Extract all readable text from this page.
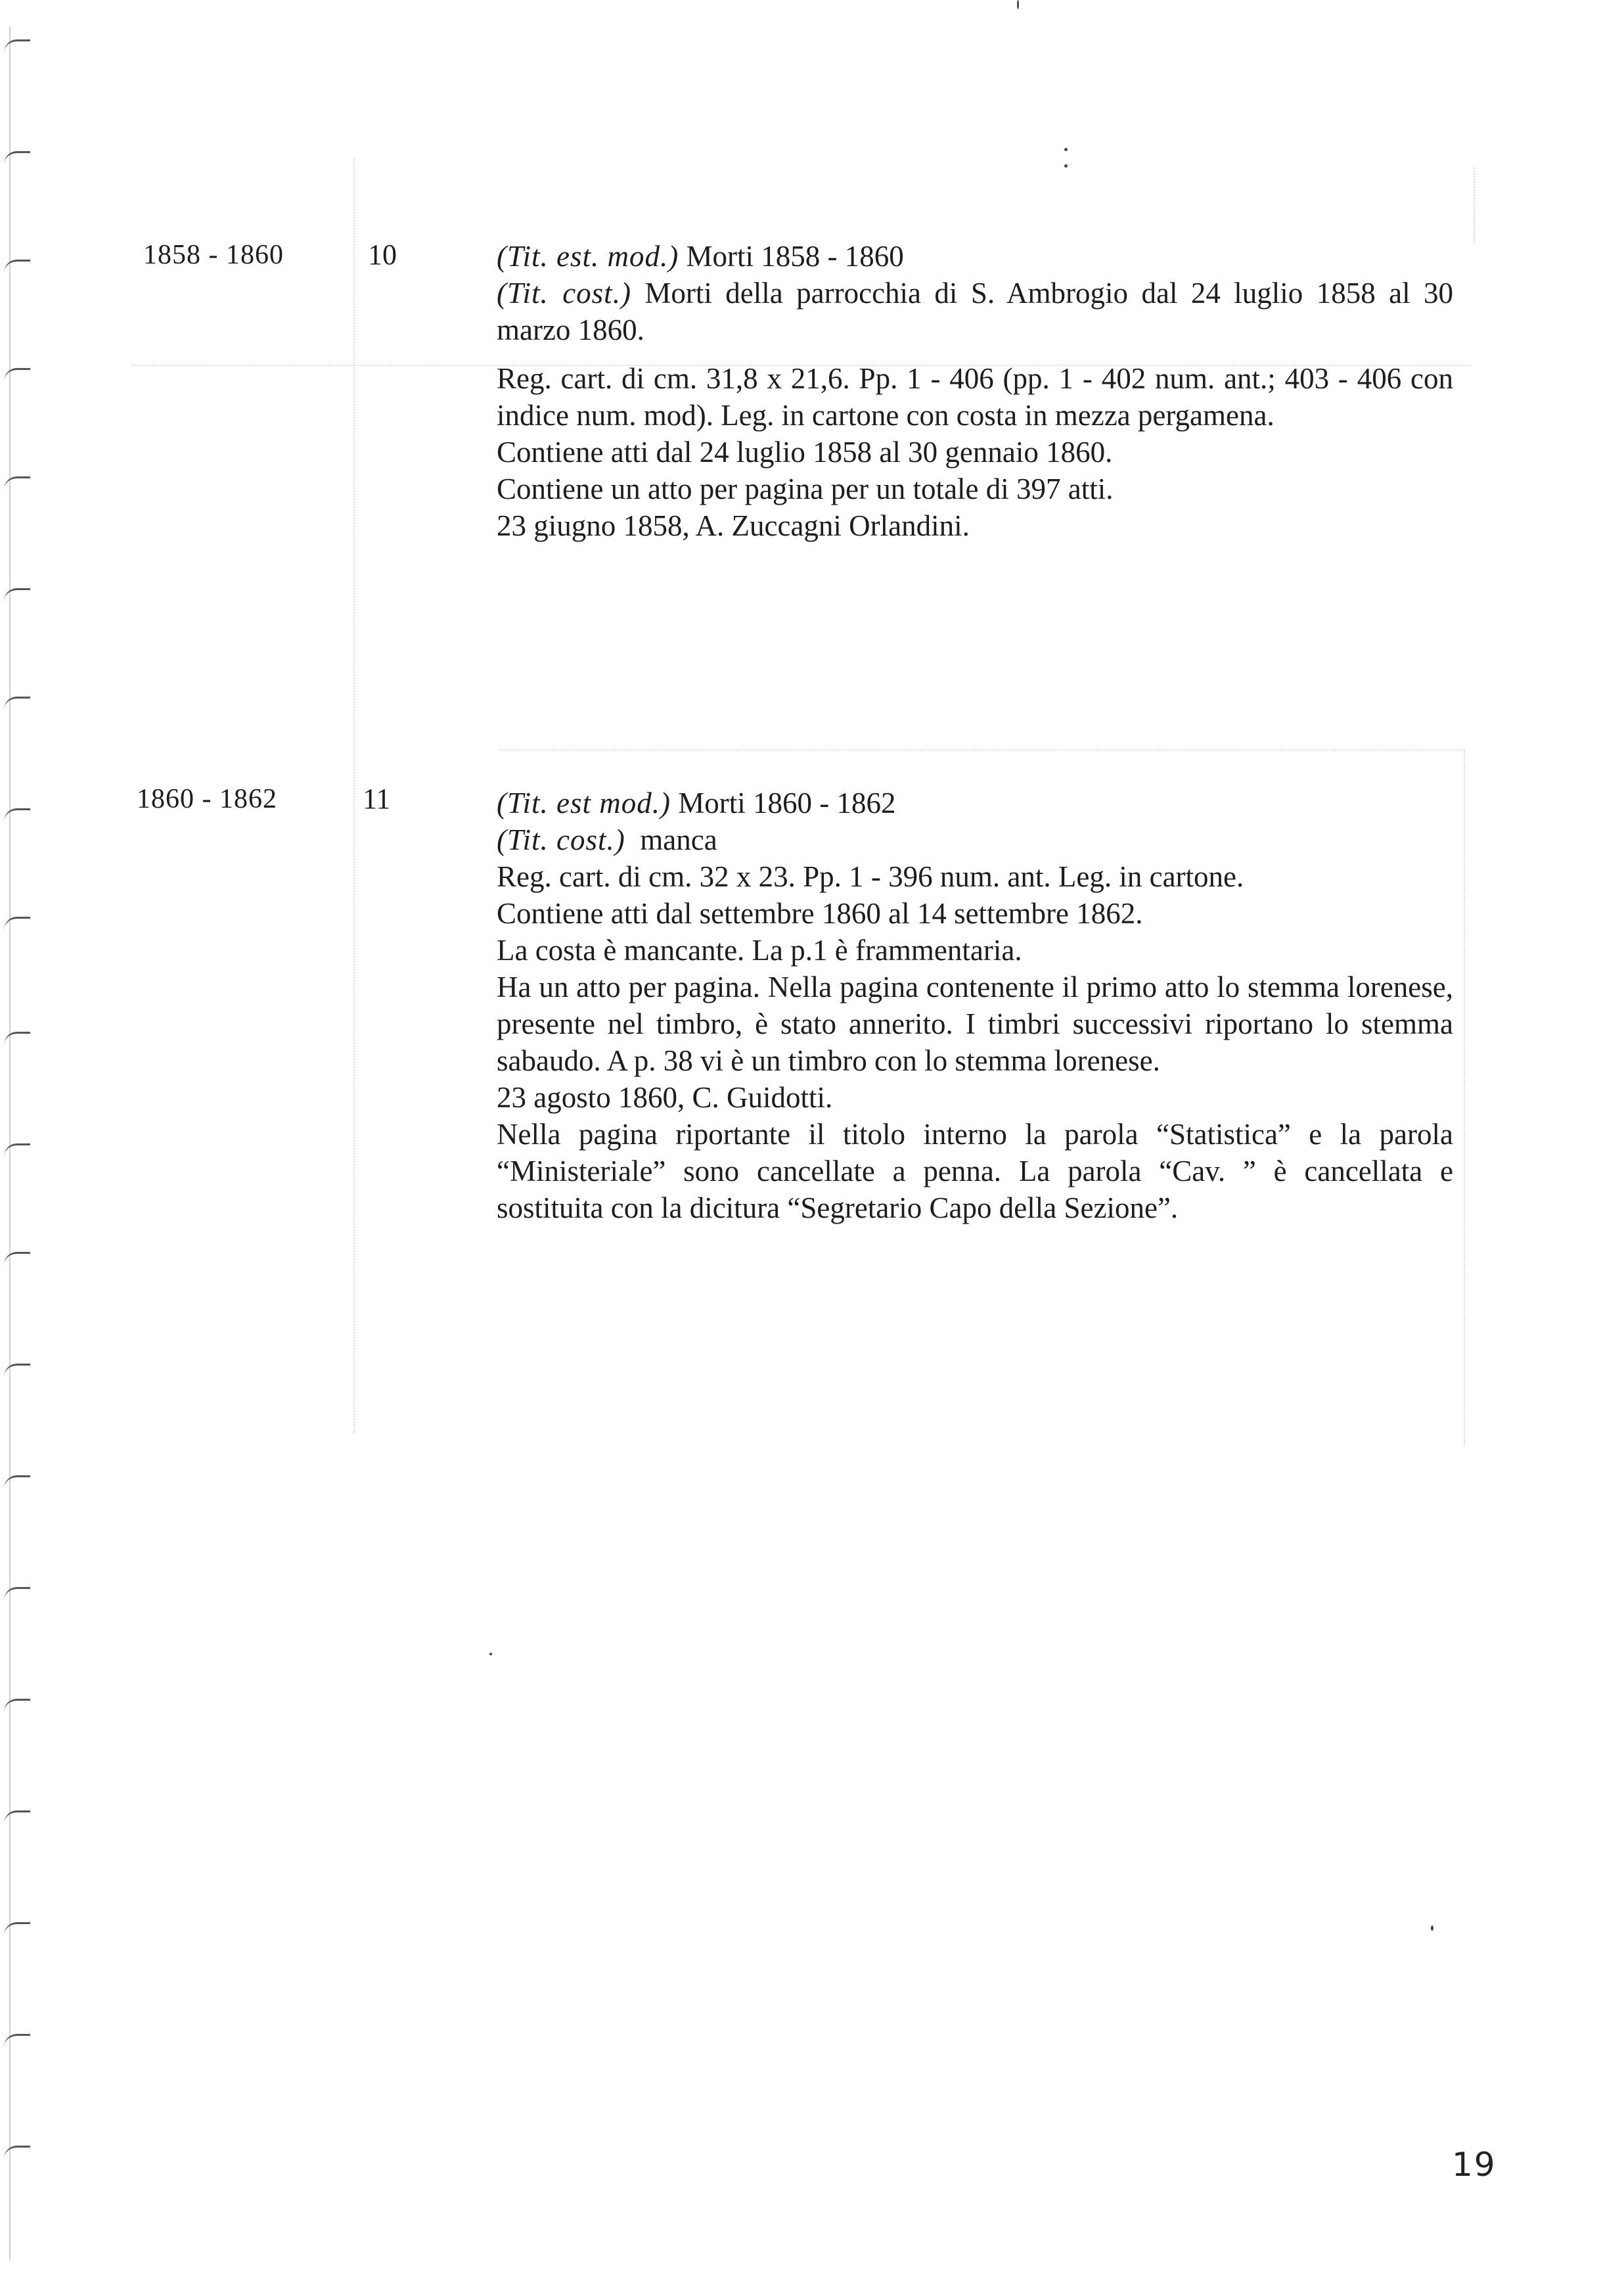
1858 - 1860	10	(Tit. est. mod.) Morti 1858 - 1860

(Tit. cost.) Morti della parrocchia di S. Ambrogio dal 24 luglio 1858 al 30 marzo 1860.

Reg. cart. di cm. 31,8 x 21,6. Pp. 1 - 406 (pp. 1 - 402 num. ant.; 403 - 406 con indice num. mod). Leg. in cartone con costa in mezza pergamena.

Contiene atti dal 24 luglio 1858 al 30 gennaio 1860.

Contiene un atto per pagina per un totale di 397 atti.

23 giugno 1858, A. Zuccagni Orlandini.

1860 - 1862	11	(Tit. est mod.) Morti 1860 - 1862

(Tit. cost.) manca

Reg. cart. di cm. 32 x 23. Pp. 1 - 396 num. ant. Leg. in cartone.

Contiene atti dal settembre 1860 al 14 settembre 1862.

La costa è mancante. La p.1 è frammentaria.

Ha un atto per pagina. Nella pagina contenente il primo atto lo stemma lorenese, presente nel timbro, è stato annerito. I timbri successivi riportano lo stemma sabaudo. A p. 38 vi è un timbro con lo stemma lorenese.

23 agosto 1860, C. Guidotti.

Nella pagina riportante il titolo interno la parola “Statistica” e la parola “Ministeriale” sono cancellate a penna. La parola “Cav. ” è cancellata e sostituita con la dicitura “Segretario Capo della Sezione”.

19
